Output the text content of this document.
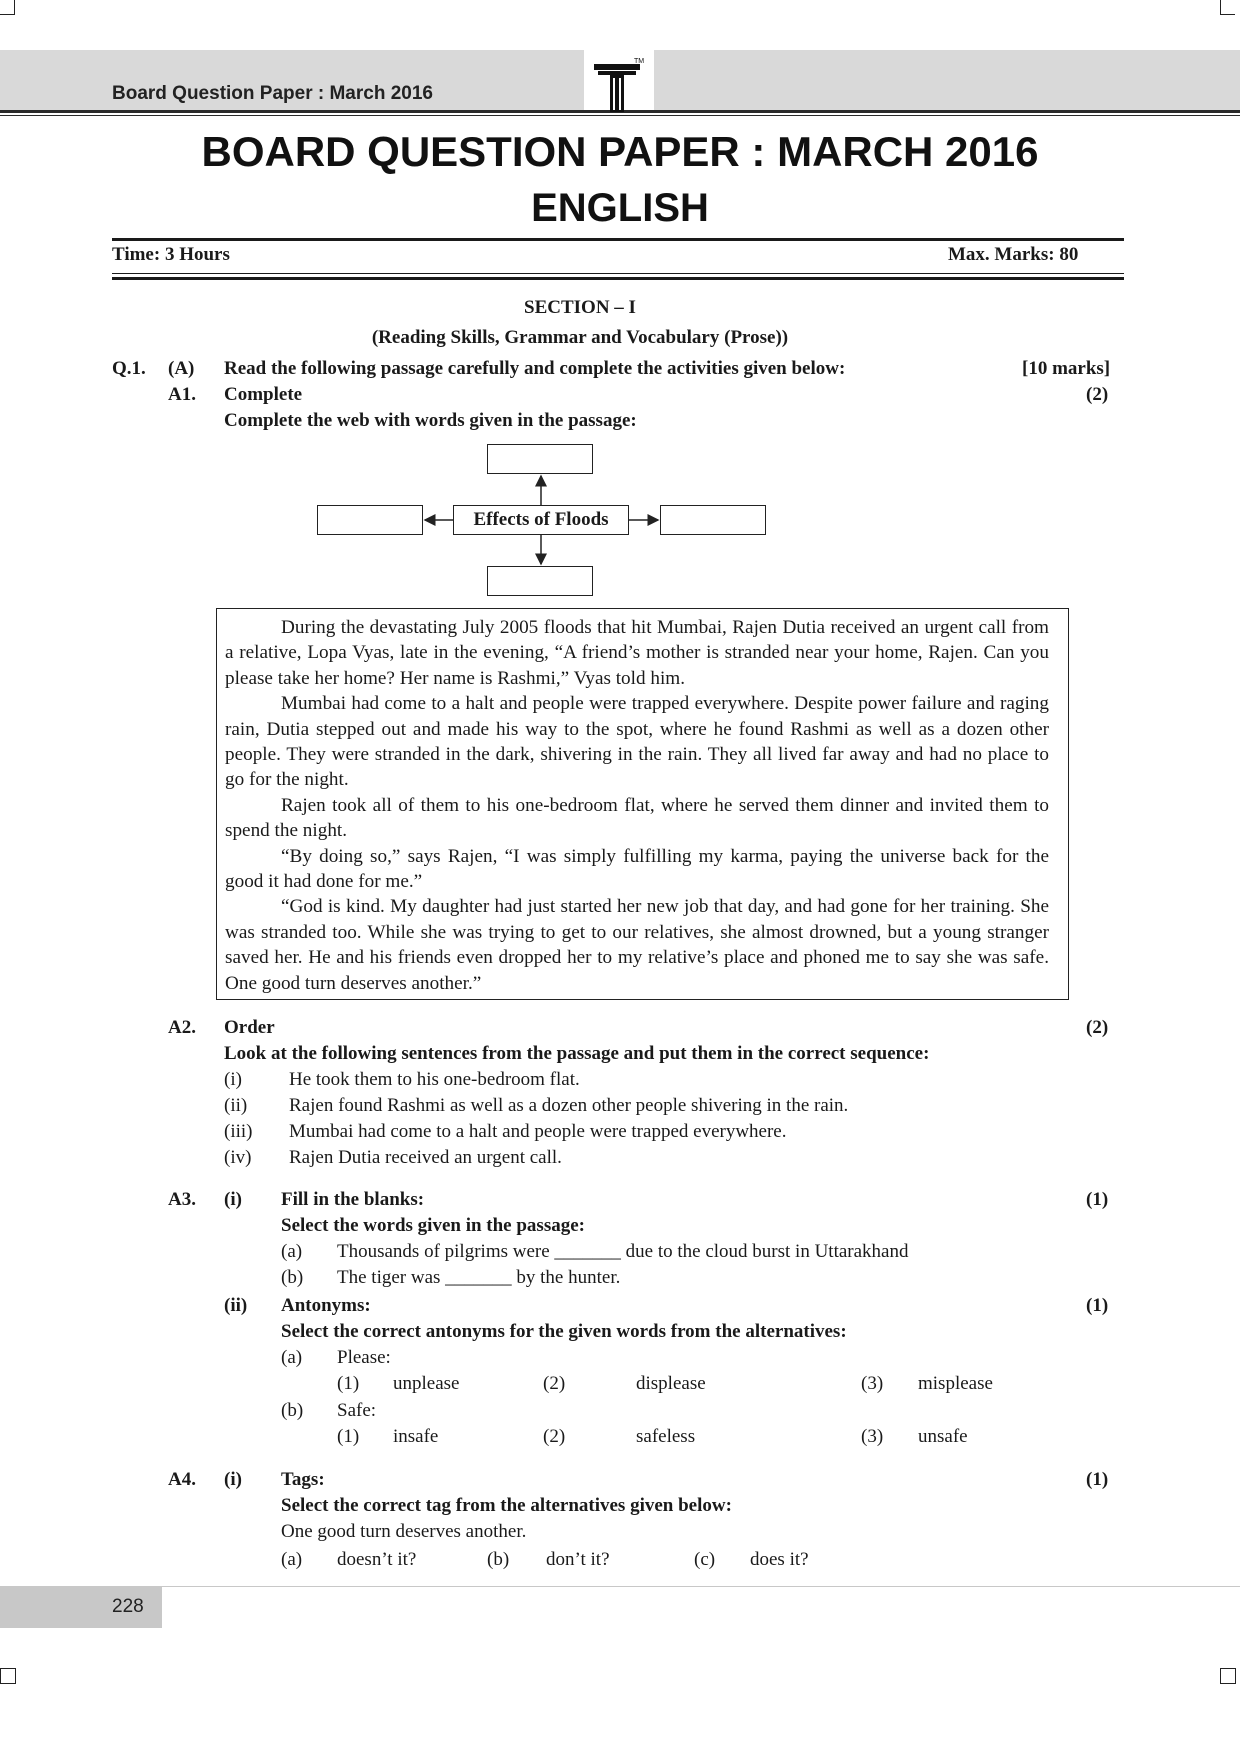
Board Question Paper : March 2016
TM
BOARD QUESTION PAPER : MARCH 2016
ENGLISH
Time: 3 Hours	Max. Marks: 80
SECTION – I
(Reading Skills, Grammar and Vocabulary (Prose))
Q.1. (A) Read the following passage carefully and complete the activities given below:	[10 marks]
A1. Complete	(2)
Complete the web with words given in the passage:
Effects of Floods

During the devastating July 2005 floods that hit Mumbai, Rajen Dutia received an urgent call from a relative, Lopa Vyas, late in the evening, “A friend’s mother is stranded near your home, Rajen. Can you please take her home? Her name is Rashmi,” Vyas told him.

Mumbai had come to a halt and people were trapped everywhere. Despite power failure and raging rain, Dutia stepped out and made his way to the spot, where he found Rashmi as well as a dozen other people. They were stranded in the dark, shivering in the rain. They all lived far away and had no place to go for the night.

Rajen took all of them to his one-bedroom flat, where he served them dinner and invited them to spend the night.

“By doing so,” says Rajen, “I was simply fulfilling my karma, paying the universe back for the good it had done for me.”

“God is kind. My daughter had just started her new job that day, and had gone for her training. She was stranded too. While she was trying to get to our relatives, she almost drowned, but a young stranger saved her. He and his friends even dropped her to my relative’s place and phoned me to say she was safe. One good turn deserves another.”

A2. Order	(2)
Look at the following sentences from the passage and put them in the correct sequence:
(i) He took them to his one-bedroom flat.
(ii) Rajen found Rashmi as well as a dozen other people shivering in the rain.
(iii) Mumbai had come to a halt and people were trapped everywhere.
(iv) Rajen Dutia received an urgent call.
A3. (i) Fill in the blanks:	(1)
Select the words given in the passage:
(a) Thousands of pilgrims were _______ due to the cloud burst in Uttarakhand
(b) The tiger was _______ by the hunter.
(ii) Antonyms:	(1)
Select the correct antonyms for the given words from the alternatives:
(a) Please:
(1) unplease	(2)	displease	(3) misplease
(b) Safe:
(1) insafe	(2)	safeless	(3) unsafe
A4. (i) Tags:	(1)
Select the correct tag from the alternatives given below:
One good turn deserves another.
(a) doesn’t it?	(b) don’t it?	(c) does it?
228
